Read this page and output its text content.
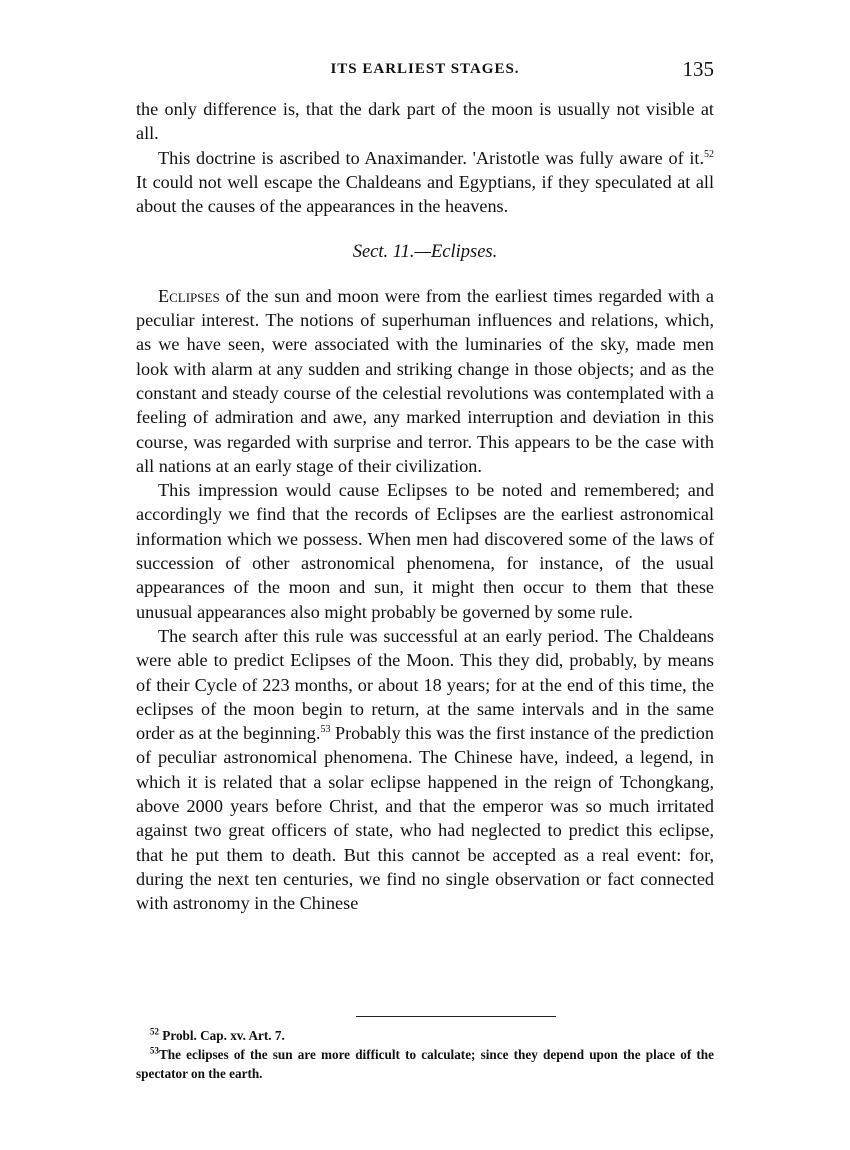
ITS EARLIEST STAGES.	135

the only difference is, that the dark part of the moon is usually not visible at all.

This doctrine is ascribed to Anaximander. 'Aristotle was fully aware of it.$^{52}$ It could not well escape the Chaldeans and Egyptians, if they speculated at all about the causes of the appearances in the heavens.

Sect. 11.—Eclipses.

Eclipses of the sun and moon were from the earliest times regarded with a peculiar interest. The notions of superhuman influences and relations, which, as we have seen, were associated with the luminaries of the sky, made men look with alarm at any sudden and striking change in those objects; and as the constant and steady course of the celestial revolutions was contemplated with a feeling of admiration and awe, any marked interruption and deviation in this course, was regarded with surprise and terror. This appears to be the case with all nations at an early stage of their civilization.

This impression would cause Eclipses to be noted and remembered; and accordingly we find that the records of Eclipses are the earliest astronomical information which we possess. When men had discovered some of the laws of succession of other astronomical phenomena, for instance, of the usual appearances of the moon and sun, it might then occur to them that these unusual appearances also might probably be governed by some rule.

The search after this rule was successful at an early period. The Chaldeans were able to predict Eclipses of the Moon. This they did, probably, by means of their Cycle of 223 months, or about 18 years; for at the end of this time, the eclipses of the moon begin to return, at the same intervals and in the same order as at the beginning.$^{53}$ Probably this was the first instance of the prediction of peculiar astronomical phenomena. The Chinese have, indeed, a legend, in which it is related that a solar eclipse happened in the reign of Tchongkang, above 2000 years before Christ, and that the emperor was so much irritated against two great officers of state, who had neglected to predict this eclipse, that he put them to death. But this cannot be accepted as a real event: for, during the next ten centuries, we find no single observation or fact connected with astronomy in the Chinese

$^{52}$ Probl. Cap. xv. Art. 7.

$^{53}$The eclipses of the sun are more difficult to calculate; since they depend upon the place of the spectator on the earth.
